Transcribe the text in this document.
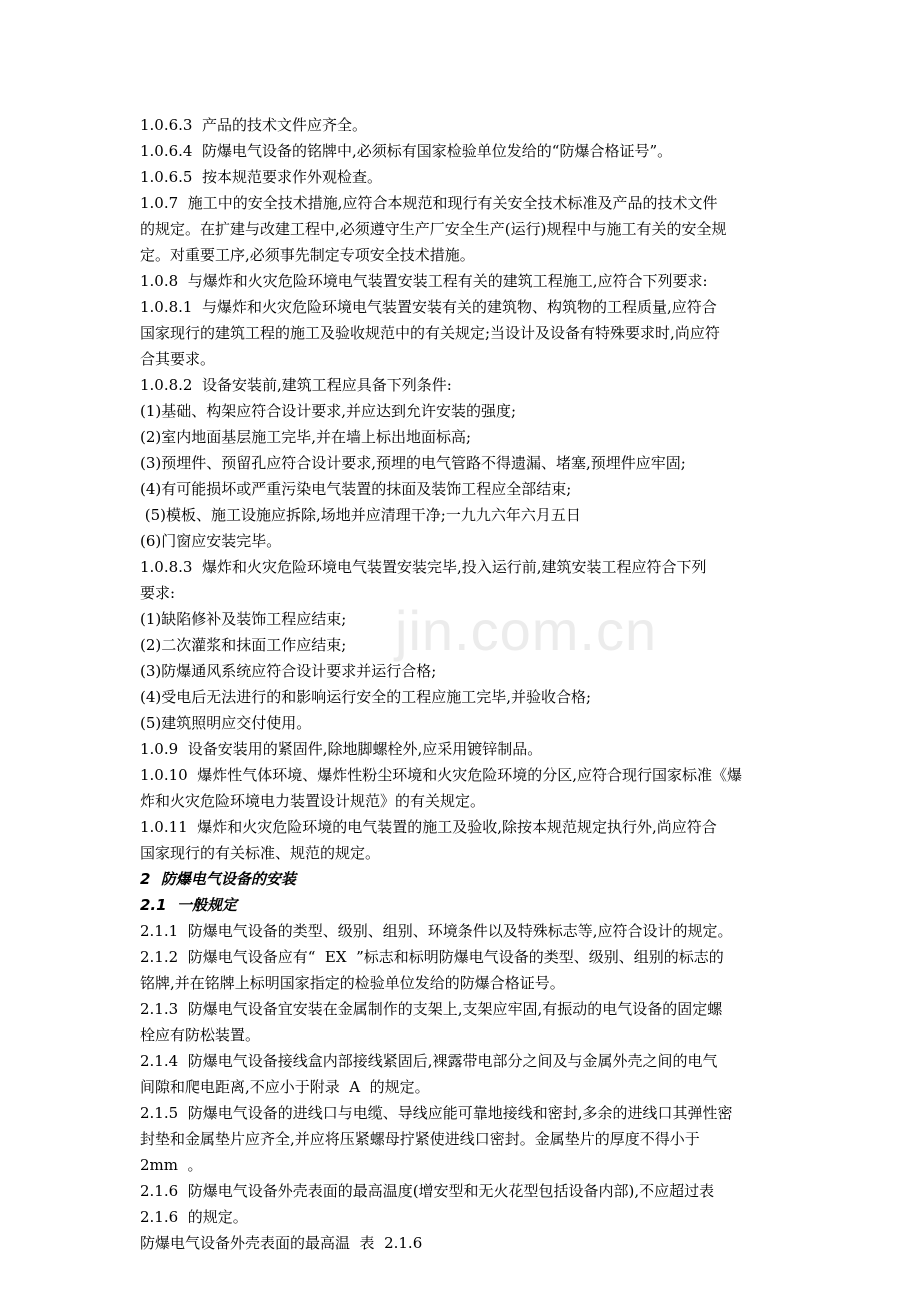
jin.com.cn

1.0.6.3  产品的技术文件应齐全。

1.0.6.4  防爆电气设备的铭牌中,必须标有国家检验单位发给的“防爆合格证号”。

1.0.6.5  按本规范要求作外观检查。

1.0.7  施工中的安全技术措施,应符合本规范和现行有关安全技术标准及产品的技术文件

的规定。在扩建与改建工程中,必须遵守生产厂安全生产(运行)规程中与施工有关的安全规

定。对重要工序,必须事先制定专项安全技术措施。

1.0.8  与爆炸和火灾危险环境电气装置安装工程有关的建筑工程施工,应符合下列要求:

1.0.8.1  与爆炸和火灾危险环境电气装置安装有关的建筑物、构筑物的工程质量,应符合

国家现行的建筑工程的施工及验收规范中的有关规定;当设计及设备有特殊要求时,尚应符

合其要求。

1.0.8.2  设备安装前,建筑工程应具备下列条件:

(1)基础、构架应符合设计要求,并应达到允许安装的强度;

(2)室内地面基层施工完毕,并在墙上标出地面标高;

(3)预埋件、预留孔应符合设计要求,预埋的电气管路不得遗漏、堵塞,预埋件应牢固;

(4)有可能损坏或严重污染电气装置的抹面及装饰工程应全部结束;

(5)模板、施工设施应拆除,场地并应清理干净;一九九六年六月五日

(6)门窗应安装完毕。

1.0.8.3  爆炸和火灾危险环境电气装置安装完毕,投入运行前,建筑安装工程应符合下列

要求:

(1)缺陷修补及装饰工程应结束;

(2)二次灌浆和抹面工作应结束;

(3)防爆通风系统应符合设计要求并运行合格;

(4)受电后无法进行的和影响运行安全的工程应施工完毕,并验收合格;

(5)建筑照明应交付使用。

1.0.9  设备安装用的紧固件,除地脚螺栓外,应采用镀锌制品。

1.0.10  爆炸性气体环境、爆炸性粉尘环境和火灾危险环境的分区,应符合现行国家标准《爆

炸和火灾危险环境电力装置设计规范》的有关规定。

1.0.11  爆炸和火灾危险环境的电气装置的施工及验收,除按本规范规定执行外,尚应符合

国家现行的有关标准、规范的规定。

2  防爆电气设备的安装

2.1  一般规定

2.1.1  防爆电气设备的类型、级别、组别、环境条件以及特殊标志等,应符合设计的规定。

2.1.2  防爆电气设备应有“  EX  ”标志和标明防爆电气设备的类型、级别、组别的标志的

铭牌,并在铭牌上标明国家指定的检验单位发给的防爆合格证号。

2.1.3  防爆电气设备宜安装在金属制作的支架上,支架应牢固,有振动的电气设备的固定螺

栓应有防松装置。

2.1.4  防爆电气设备接线盒内部接线紧固后,裸露带电部分之间及与金属外壳之间的电气

间隙和爬电距离,不应小于附录  A  的规定。

2.1.5  防爆电气设备的进线口与电缆、导线应能可靠地接线和密封,多余的进线口其弹性密

封垫和金属垫片应齐全,并应将压紧螺母拧紧使进线口密封。金属垫片的厚度不得小于

2mm  。

2.1.6  防爆电气设备外壳表面的最高温度(增安型和无火花型包括设备内部),不应超过表

2.1.6  的规定。

防爆电气设备外壳表面的最高温  表  2.1.6
